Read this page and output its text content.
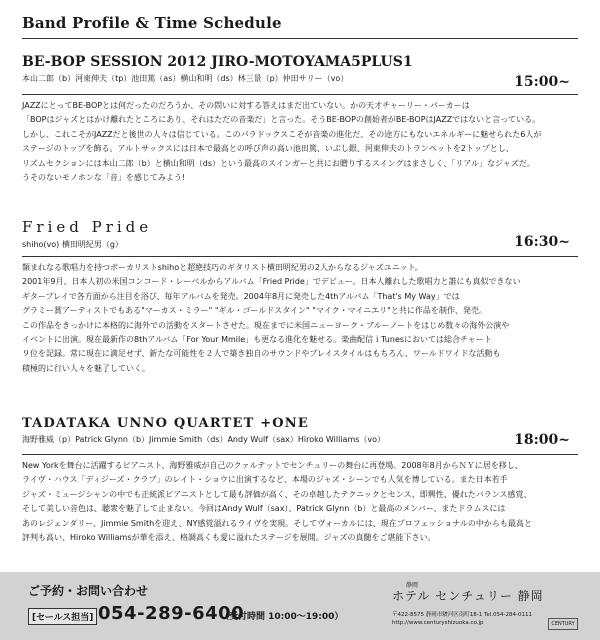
Band Profile & Time Schedule
BE-BOP SESSION 2012 JIRO-MOTOYAMA5PLUS1
本山二郎（b）河東伸夫（tp）池田篤（as）横山和明（ds）林三景（p）仲田サリー（vo）	15:00~
JAZZにとってBE-BOPとは何だったのだろうか、その問いに対する答えはまだ出ていない。かの天才チャーリー・パーカーは
「BOPはジャズとはかけ離れたところにあり、それはただの音楽だ」と言った。そうBE-BOPの創始者がBE-BOPはJAZZではないと言っている。
しかし、これこそがJAZZだと後世の人々は信じている。このパラドックスこそが音楽の進化だ、その途方にもないエネルギーに魅せられた6人が
ステージのトップを飾る。アルトサックスには日本で最高との呼び声の高い池田篤、いぶし銀、河東伸夫のトランペットを2トップとし、
リズムセクションには本山二郎（b）と横山和明（ds）という最高のスインガーと共にお贈りするスイングはまさしく、「リアル」なジャズだ。
うそのないモノホンな「音」を感じてみよう!
Fried Pride
shiho(vo) 横田明紀男（g）	16:30~
類まれなる歌唱力を持つボーカリストshihoと超絶技巧のギタリスト横田明紀男の2人からなるジャズユニット。
2001年9月、日本人初の米国コンコード・レーベルからアルバム「Fried Pride」でデビュー。日本人離れした歌唱力と誰にも真似できない
ギタープレイで各方面から注目を浴び、毎年アルバムを発売。2004年8月に発売した4thアルバム「That's My Way」では
グラミー賞アーティストでもある"マーカス・ミラー" "ギル・ゴールドスタイン" "マイク・マイニエリ"と共に作品を制作、発売。
この作品をきっかけに本格的に海外での活動をスタートさせた。現在までに米国ニューヨーク・ブルーノートをはじめ数々の海外公演や
イベントに出演。現在最新作の8thアルバム「For Your Mmile」も更なる進化を魅せる。楽曲配信ｉTunesにおいては総合チャート
９位を記録。常に現在に満足せず、新たな可能性を２人で築き独自のサウンドやプレイスタイルはもちろん、ワールドワイドな活動も
積極的に行い人々を魅了していく。
TADATAKA UNNO QUARTET +ONE
海野雅威（p）Patrick Glynn（b）Jimmie Smith（ds）Andy Wulf（sax）Hiroko Williams（vo）	18:00~
New Yorkを舞台に活躍するピアニスト、海野雅威が自己のクァルテットでセンチュリーの舞台に再登場。2008年8月からＮＹに居を移し、
ライヴ・ハウス「ディジーズ・クラブ」のレイト・ショウに出演するなど、本場のジャズ・シーンでも人気を博している。また日本若手
ジャズ・ミュージシャンの中でも正統派ピアニストとして最も評価が高く、その卓越したテクニックとセンス、即興性、優れたバランス感覚、
そして美しい音色は、聴衆を魅了して止まない。今回はAndy Wulf（sax）、Patrick Glynn（b）と最高のメンバー、またドラムスには
あのレジェンダリー、Jimmie Smithを迎え、NY感覚溢れるライヴを実現。そしてヴォーカルには、現在プロフェッショナルの中からも最高と
評判も高い、Hiroko Williamsが華を添え、格調高くも愛に溢れたステージを展開。ジャズの真髄をご堪能下さい。
ご予約・お問い合わせ
[セールス担当] 054-289-6400
（受付時間 10:00～19:00）
静岡
ホテル センチュリー 静岡
〒422-8575 静岡市駿河区南町18-1 Tel.054-284-0111
http://www.centuryshizuoka.co.jp	CENTURY
